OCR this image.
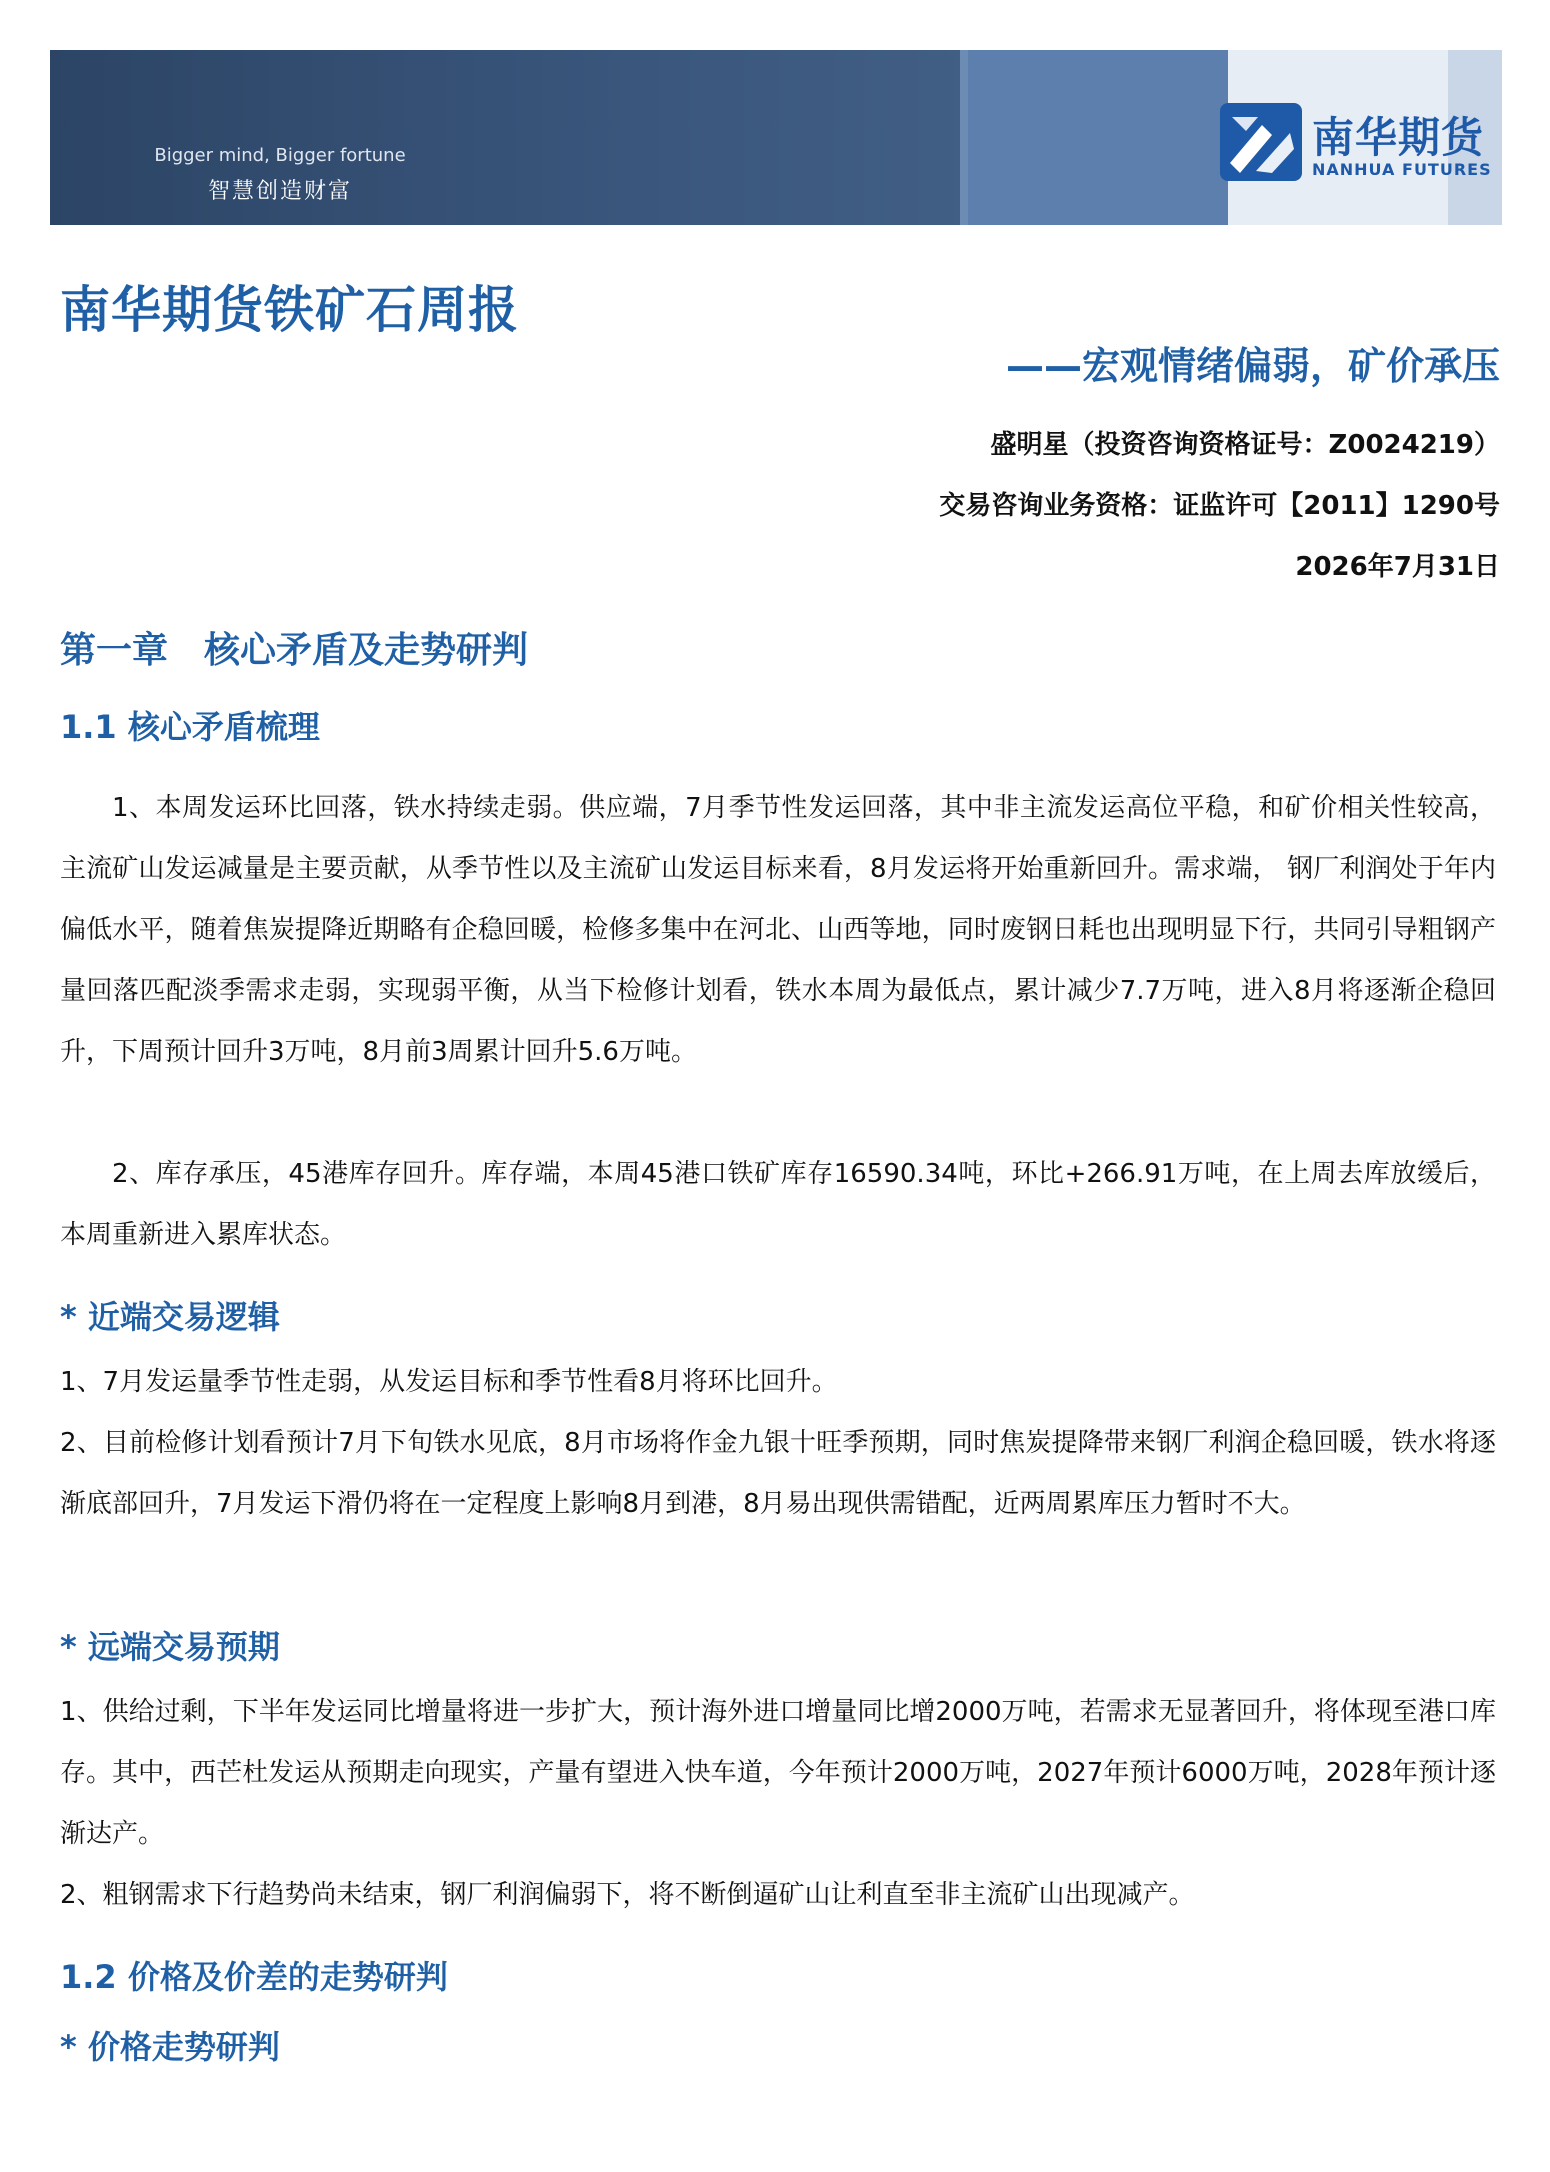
Bigger mind, Bigger fortune
智慧创造财富
南华期货
NANHUA FUTURES
南华期货铁矿石周报
——宏观情绪偏弱，矿价承压
盛明星（投资咨询资格证号：Z0024219）
交易咨询业务资格：证监许可【2011】1290号
2026年7月31日
第一章 核心矛盾及走势研判
1.1 核心矛盾梳理

1、本周发运环比回落，铁水持续走弱。供应端，7月季节性发运回落，其中非主流发运高位平稳，和矿价相关性较高，主流矿山发运减量是主要贡献，从季节性以及主流矿山发运目标来看，8月发运将开始重新回升。需求端， 钢厂利润处于年内偏低水平，随着焦炭提降近期略有企稳回暖，检修多集中在河北、山西等地，同时废钢日耗也出现明显下行，共同引导粗钢产量回落匹配淡季需求走弱，实现弱平衡，从当下检修计划看，铁水本周为最低点，累计减少7.7万吨，进入8月将逐渐企稳回升，下周预计回升3万吨，8月前3周累计回升5.6万吨。

2、库存承压，45港库存回升。库存端，本周45港口铁矿库存16590.34吨，环比+266.91万吨，在上周去库放缓后，本周重新进入累库状态。

* 近端交易逻辑

1、7月发运量季节性走弱，从发运目标和季节性看8月将环比回升。

2、目前检修计划看预计7月下旬铁水见底，8月市场将作金九银十旺季预期，同时焦炭提降带来钢厂利润企稳回暖，铁水将逐渐底部回升，7月发运下滑仍将在一定程度上影响8月到港，8月易出现供需错配，近两周累库压力暂时不大。

* 远端交易预期

1、供给过剩，下半年发运同比增量将进一步扩大，预计海外进口增量同比增2000万吨，若需求无显著回升，将体现至港口库存。其中，西芒杜发运从预期走向现实，产量有望进入快车道，今年预计2000万吨，2027年预计6000万吨，2028年预计逐渐达产。

2、粗钢需求下行趋势尚未结束，钢厂利润偏弱下，将不断倒逼矿山让利直至非主流矿山出现减产。

1.2 价格及价差的走势研判
* 价格走势研判
